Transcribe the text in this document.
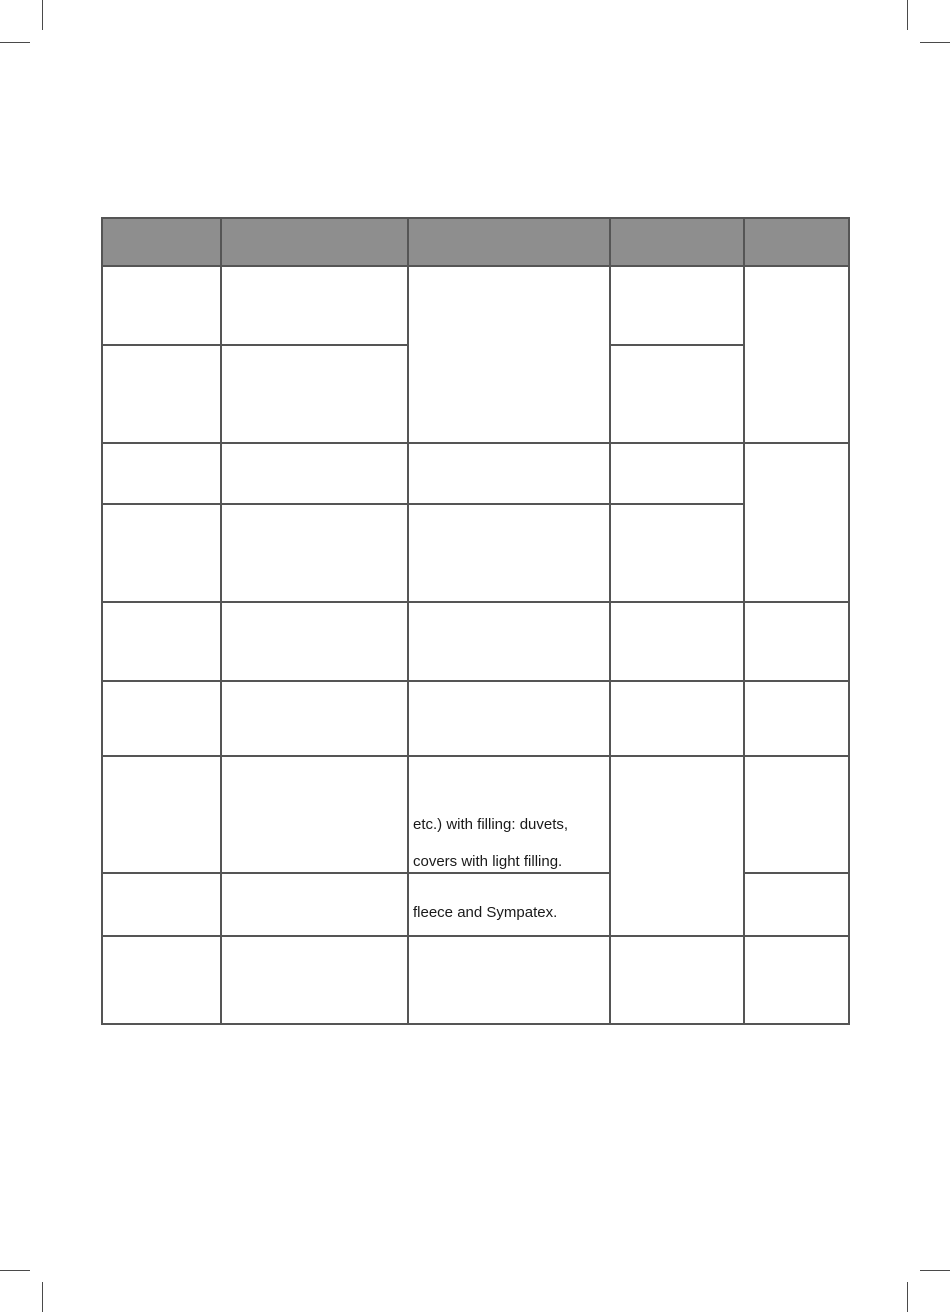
etc.) with filling: duvets,
covers with light filling.
fleece and Sympatex.
